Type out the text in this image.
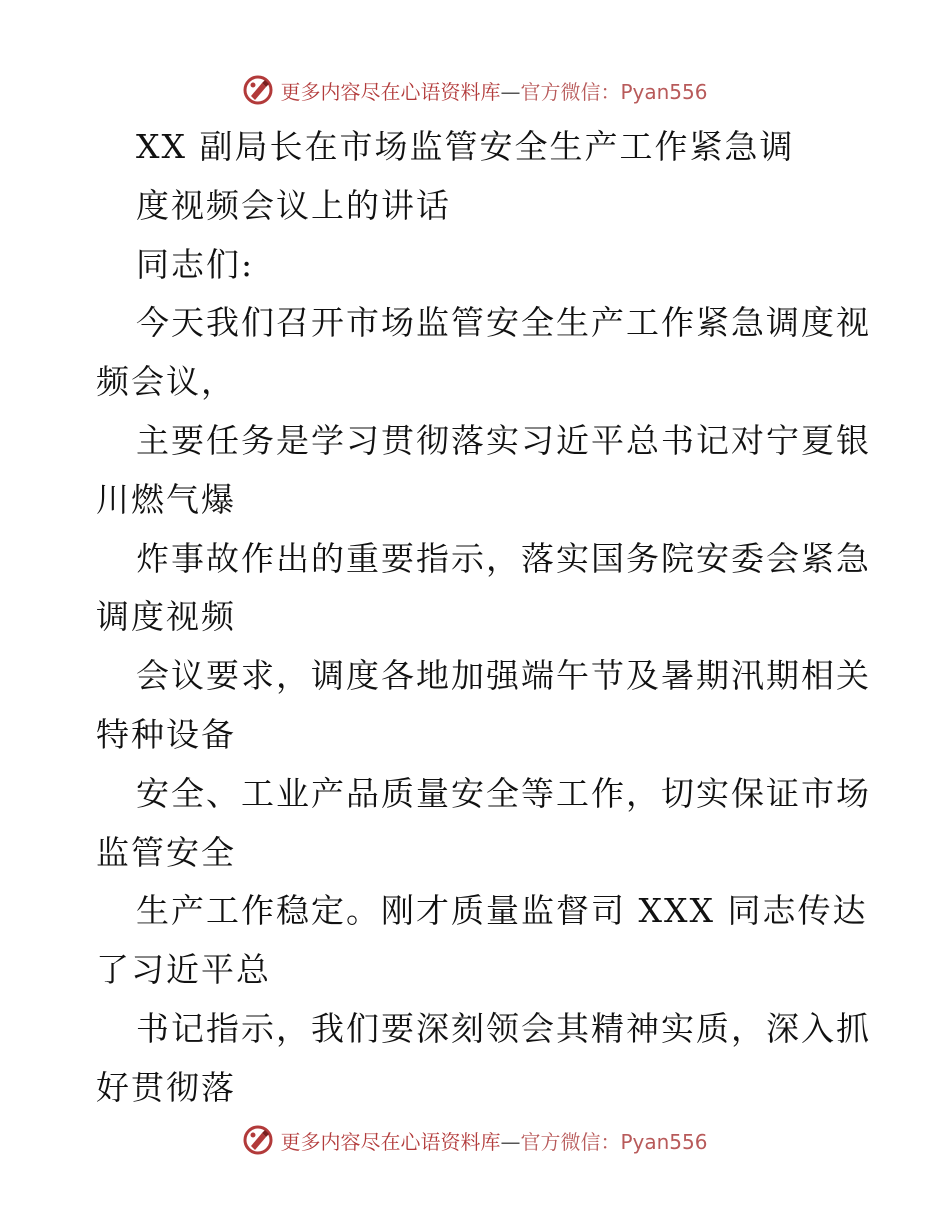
更多内容尽在心语资料库—官方微信：Pyan556
XX 副局长在市场监管安全生产工作紧急调
度视频会议上的讲话
同志们:
今天我们召开市场监管安全生产工作紧急调度视
频会议，
主要任务是学习贯彻落实习近平总书记对宁夏银
川燃气爆
炸事故作出的重要指示，落实国务院安委会紧急
调度视频
会议要求，调度各地加强端午节及暑期汛期相关
特种设备
安全、工业产品质量安全等工作，切实保证市场
监管安全
生产工作稳定。刚才质量监督司 XXX 同志传达
了习近平总
书记指示，我们要深刻领会其精神实质，深入抓
好贯彻落
更多内容尽在心语资料库—官方微信：Pyan556
